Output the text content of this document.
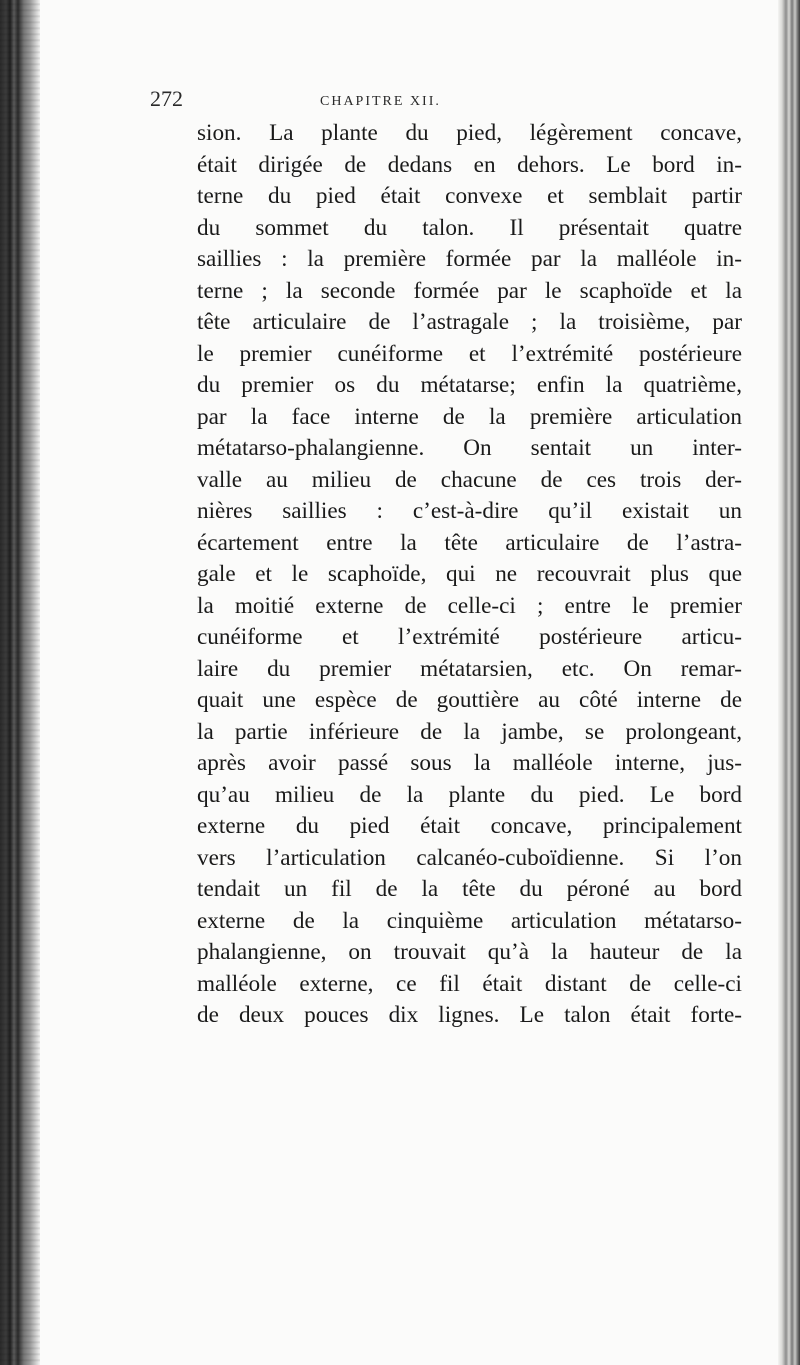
272	CHAPITRE XII.
sion. La plante du pied, légèrement concave,
était dirigée de dedans en dehors. Le bord in-
terne du pied était convexe et semblait partir
du sommet du talon. Il présentait quatre
saillies : la première formée par la malléole in-
terne ; la seconde formée par le scaphoïde et la
tête articulaire de l’astragale ; la troisième, par
le premier cunéiforme et l’extrémité postérieure
du premier os du métatarse; enfin la quatrième,
par la face interne de la première articulation
métatarso-phalangienne. On sentait un inter-
valle au milieu de chacune de ces trois der-
nières saillies : c’est-à-dire qu’il existait un
écartement entre la tête articulaire de l’astra-
gale et le scaphoïde, qui ne recouvrait plus que
la moitié externe de celle-ci ; entre le premier
cunéiforme et l’extrémité postérieure articu-
laire du premier métatarsien, etc. On remar-
quait une espèce de gouttière au côté interne de
la partie inférieure de la jambe, se prolongeant,
après avoir passé sous la malléole interne, jus-
qu’au milieu de la plante du pied. Le bord
externe du pied était concave, principalement
vers l’articulation calcanéo-cuboïdienne. Si l’on
tendait un fil de la tête du péroné au bord
externe de la cinquième articulation métatarso-
phalangienne, on trouvait qu’à la hauteur de la
malléole externe, ce fil était distant de celle-ci
de deux pouces dix lignes. Le talon était forte-
